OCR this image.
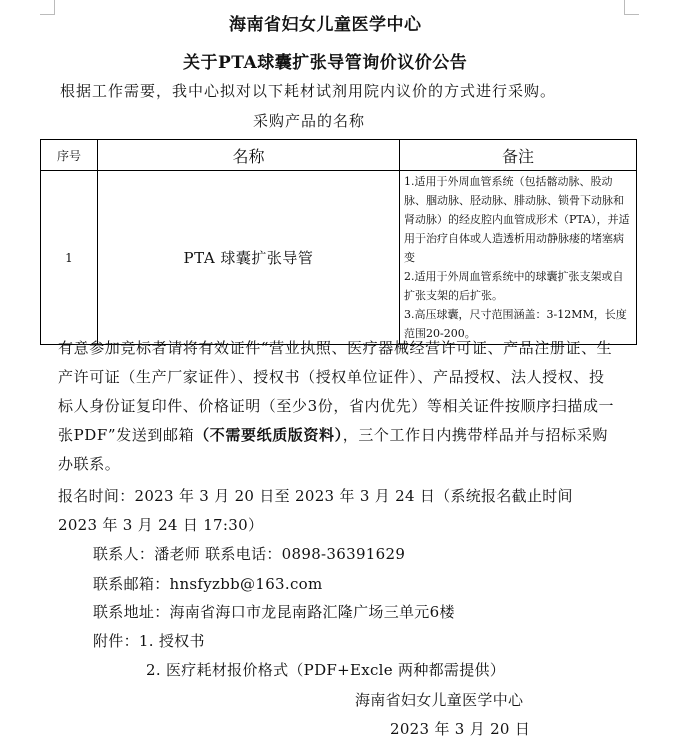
海南省妇女儿童医学中心
关于PTA球囊扩张导管询价议价公告
根据工作需要，我中心拟对以下耗材试剂用院内议价的方式进行采购。
采购产品的名称
序号	名称	备注
1	PTA 球囊扩张导管	1.适用于外周血管系统（包括髂动脉、股动脉、腘动脉、胫动脉、腓动脉、锁骨下动脉和肾动脉）的经皮腔内血管成形术（PTA），并适用于治疗自体或人造透析用动静脉瘘的堵塞病变
2.适用于外周血管系统中的球囊扩张支架或自扩张支架的后扩张。
3.高压球囊，尺寸范围涵盖：3-12MM，长度范围20-200。
有意参加竞标者请将有效证件“营业执照、医疗器械经营许可证、产品注册证、生产许可证（生产厂家证件）、授权书（授权单位证件）、产品授权、法人授权、投标人身份证复印件、价格证明（至少3份，省内优先）等相关证件按顺序扫描成一张PDF”发送到邮箱（不需要纸质版资料），三个工作日内携带样品并与招标采购办联系。
报名时间：2023 年 3 月 20 日至 2023 年 3 月 24 日（系统报名截止时间
2023 年 3 月 24 日 17:30）
联系人：潘老师 联系电话：0898-36391629
联系邮箱：hnsfyzbb@163.com
联系地址：海南省海口市龙昆南路汇隆广场三单元6楼
附件：1. 授权书
2. 医疗耗材报价格式（PDF+Excle 两种都需提供）
海南省妇女儿童医学中心
2023 年 3 月 20 日
